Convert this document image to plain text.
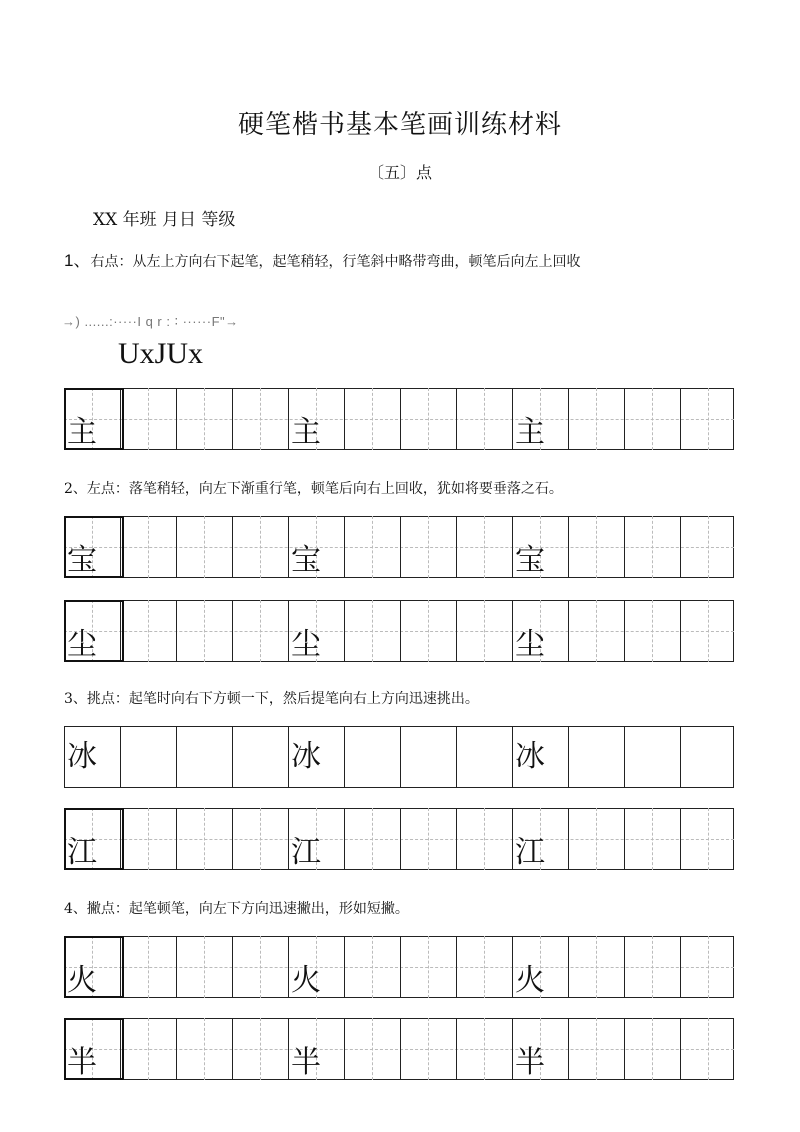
硬笔楷书基本笔画训练材料
〔五〕点
XX 年班 月日 等级
1、右点：从左上方向右下起笔，起笔稍轻，行笔斜中略带弯曲，顿笔后向左上回收
→) ......:·····I q r : ∶ ······F"→
UxJUx
2、左点：落笔稍轻，向左下渐重行笔，顿笔后向右上回收，犹如将要垂落之石。
3、挑点：起笔时向右下方顿一下，然后提笔向右上方向迅速挑出。
4、撇点：起笔顿笔，向左下方向迅速撇出，形如短撇。
主	主	主
宝	宝	宝
尘	尘	尘
冰	冰	冰
江	江	江
火	火	火
半	半	半
